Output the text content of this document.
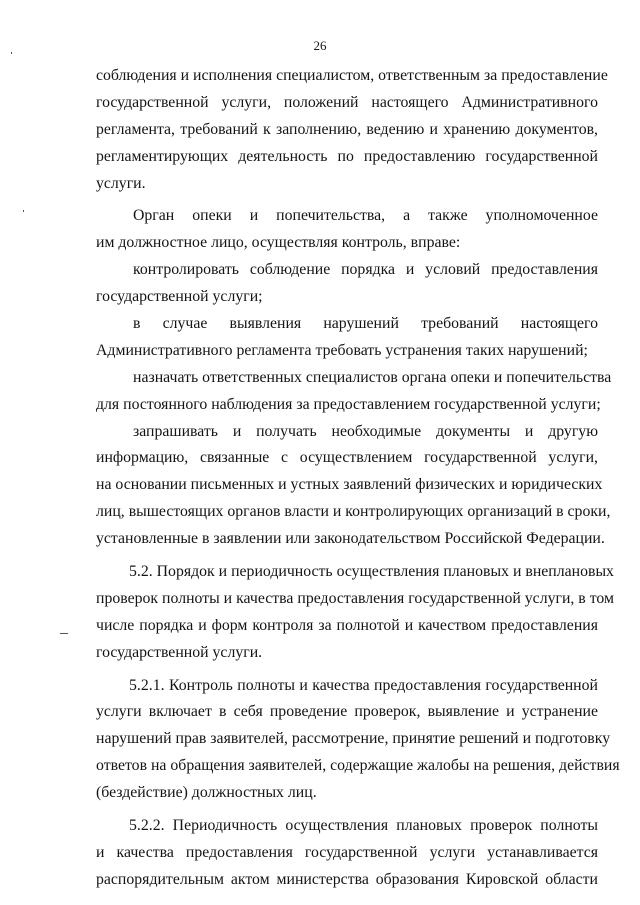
26
соблюдения и исполнения специалистом, ответственным за предоставление
государственной услуги, положений настоящего Административного
регламента, требований к заполнению, ведению и хранению документов,
регламентирующих деятельность по предоставлению государственной
услуги.
Орган опеки и попечительства, а также уполномоченное
им должностное лицо, осуществляя контроль, вправе:
контролировать соблюдение порядка и условий предоставления
государственной услуги;
в случае выявления нарушений требований настоящего
Административного регламента требовать устранения таких нарушений;
назначать ответственных специалистов органа опеки и попечительства
для постоянного наблюдения за предоставлением государственной услуги;
запрашивать и получать необходимые документы и другую
информацию, связанные с осуществлением государственной услуги,
на основании письменных и устных заявлений физических и юридических
лиц, вышестоящих органов власти и контролирующих организаций в сроки,
установленные в заявлении или законодательством Российской Федерации.
5.2. Порядок и периодичность осуществления плановых и внеплановых
проверок полноты и качества предоставления государственной услуги, в том
числе порядка и форм контроля за полнотой и качеством предоставления
государственной услуги.
5.2.1. Контроль полноты и качества предоставления государственной
услуги включает в себя проведение проверок, выявление и устранение
нарушений прав заявителей, рассмотрение, принятие решений и подготовку
ответов на обращения заявителей, содержащие жалобы на решения, действия
(бездействие) должностных лиц.
5.2.2. Периодичность осуществления плановых проверок полноты
и качества предоставления государственной услуги устанавливается
распорядительным актом министерства образования Кировской области
